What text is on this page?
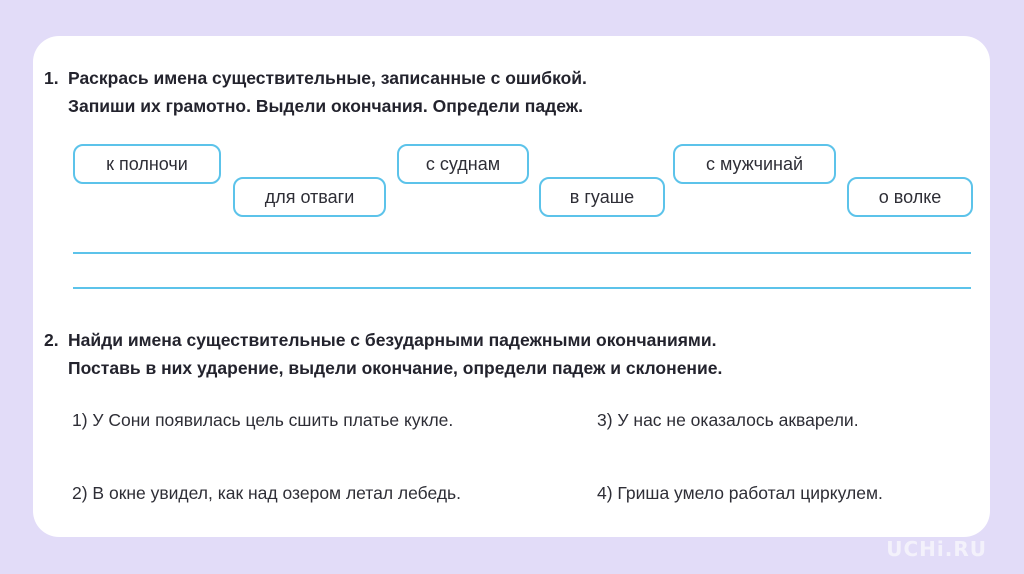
1. Раскрась имена существительные, записанные с ошибкой.
Запиши их грамотно. Выдели окончания. Определи падеж.
к полночи
для отваги
с суднам
в гуаше
с мужчинай
о волке
2. Найди имена существительные с безударными падежными окончаниями.
Поставь в них ударение, выдели окончание, определи падеж и склонение.
1) У Сони появилась цель сшить платье кукле.
2) В окне увидел, как над озером летал лебедь.
3) У нас не оказалось акварели.
4) Гриша умело работал циркулем.
UCHi.RU
